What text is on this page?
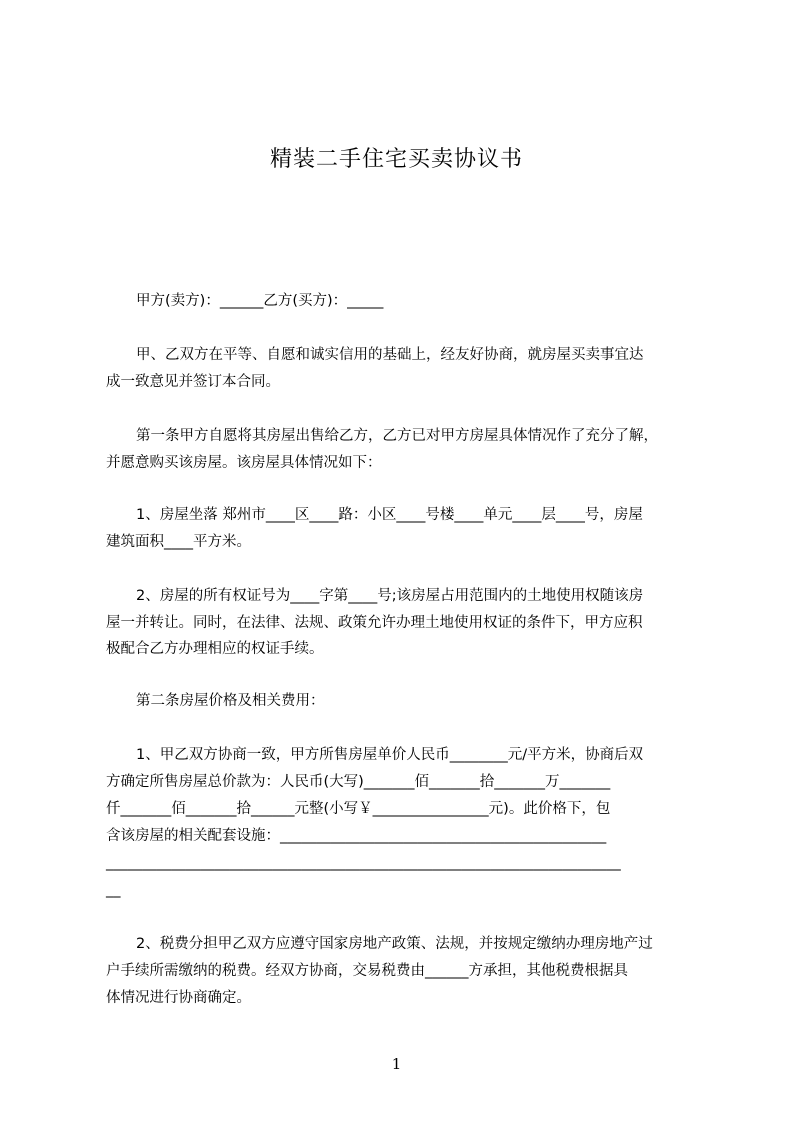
精装二手住宅买卖协议书
甲方(卖方)：______乙方(买方)：_____
甲、乙双方在平等、自愿和诚实信用的基础上，经友好协商，就房屋买卖事宜达
成一致意见并签订本合同。
第一条甲方自愿将其房屋出售给乙方，乙方已对甲方房屋具体情况作了充分了解，
并愿意购买该房屋。该房屋具体情况如下：
1、房屋坐落 郑州市____区____路：小区____号楼____单元____层____号，房屋
建筑面积____平方米。
2、房屋的所有权证号为____字第____号;该房屋占用范围内的土地使用权随该房
屋一并转让。同时，在法律、法规、政策允许办理土地使用权证的条件下，甲方应积
极配合乙方办理相应的权证手续。
第二条房屋价格及相关费用：
1、甲乙双方协商一致，甲方所售房屋单价人民币________元/平方米，协商后双
方确定所售房屋总价款为：人民币(大写)_______佰_______拾_______万_______
仟_______佰_______拾______元整(小写￥________________元)。此价格下，包
含该房屋的相关配套设施：_____________________________________________
_______________________________________________________________________
__
2、税费分担甲乙双方应遵守国家房地产政策、法规，并按规定缴纳办理房地产过
户手续所需缴纳的税费。经双方协商，交易税费由______方承担，其他税费根据具
体情况进行协商确定。
1
